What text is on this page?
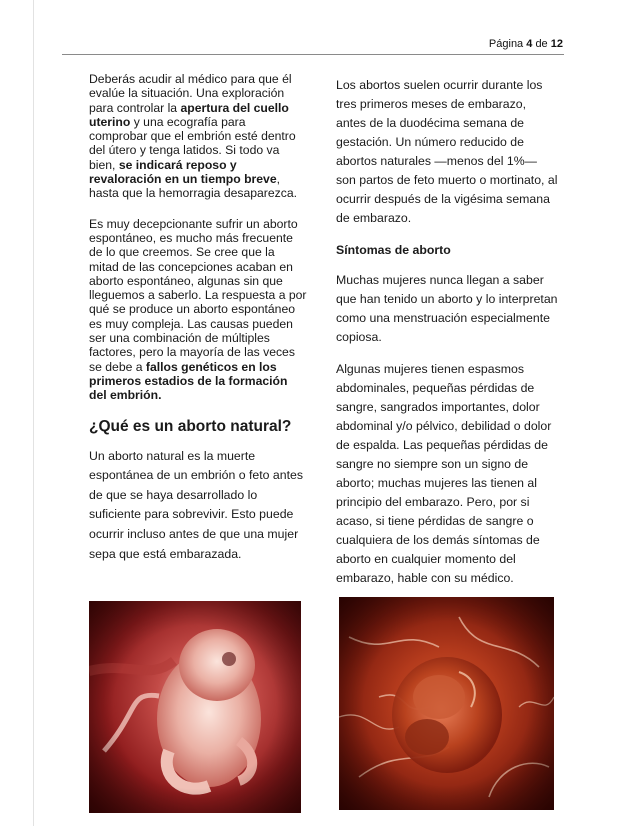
Página 4 de 12

Deberás acudir al médico para que él evalúe la situación. Una exploración para controlar la apertura del cuello uterino y una ecografía para comprobar que el embrión esté dentro del útero y tenga latidos. Si todo va bien, se indicará reposo y revaloración en un tiempo breve, hasta que la hemorragia desaparezca.

Es muy decepcionante sufrir un aborto espontáneo, es mucho más frecuente de lo que creemos. Se cree que la mitad de las concepciones acaban en aborto espontáneo, algunas sin que lleguemos a saberlo. La respuesta a por qué se produce un aborto espontáneo es muy compleja. Las causas pueden ser una combinación de múltiples factores, pero la mayoría de las veces se debe a fallos genéticos en los primeros estadios de la formación del embrión.

¿Qué es un aborto natural?

Un aborto natural es la muerte espontánea de un embrión o feto antes de que se haya desarrollado lo suficiente para sobrevivir. Esto puede ocurrir incluso antes de que una mujer sepa que está embarazada.

Los abortos suelen ocurrir durante los tres primeros meses de embarazo, antes de la duodécima semana de gestación. Un número reducido de abortos naturales —menos del 1%— son partos de feto muerto o mortinato, al ocurrir después de la vigésima semana de embarazo.

Síntomas de aborto

Muchas mujeres nunca llegan a saber que han tenido un aborto y lo interpretan como una menstruación especialmente copiosa.

Algunas mujeres tienen espasmos abdominales, pequeñas pérdidas de sangre, sangrados importantes, dolor abdominal y/o pélvico, debilidad o dolor de espalda. Las pequeñas pérdidas de sangre no siempre son un signo de aborto; muchas mujeres las tienen al principio del embarazo. Pero, por si acaso, si tiene pérdidas de sangre o cualquiera de los demás síntomas de aborto en cualquier momento del embarazo, hable con su médico.
